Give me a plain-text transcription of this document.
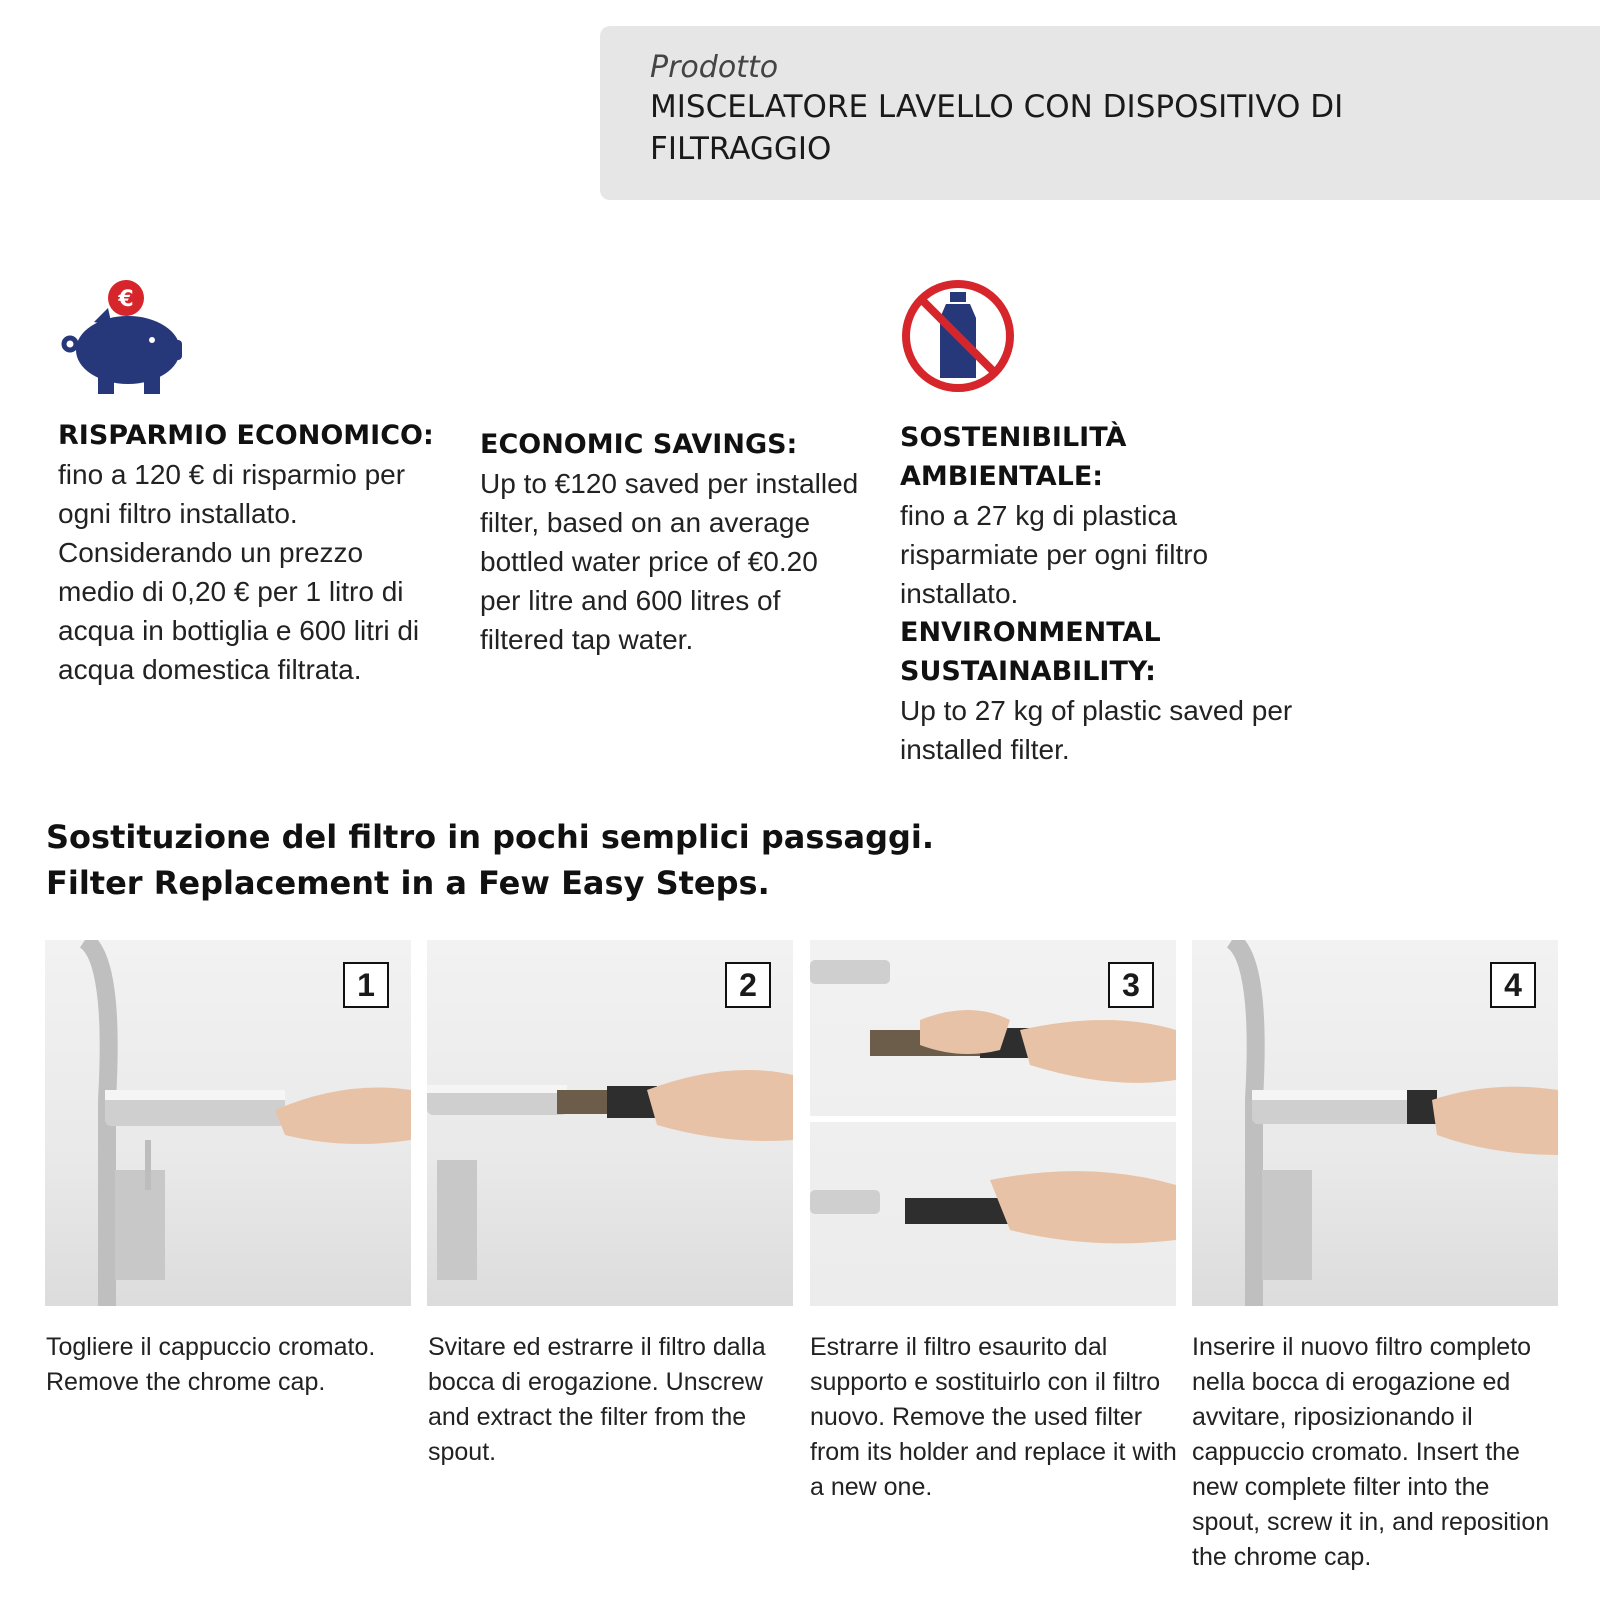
Prodotto
MISCELATORE LAVELLO CON DISPOSITIVO DI FILTRAGGIO
€
RISPARMIO ECONOMICO:

fino a 120 € di risparmio per ogni filtro installato. Considerando un prezzo medio di 0,20 € per 1 litro di acqua in bottiglia e 600 litri di acqua domestica filtrata.

ECONOMIC SAVINGS:

Up to €120 saved per installed filter, based on an average bottled water price of €0.20 per litre and 600 litres of filtered tap water.

SOSTENIBILITÀ AMBIENTALE:

fino a 27 kg di plastica risparmiate per ogni filtro installato.

ENVIRONMENTAL SUSTAINABILITY:

Up to 27 kg of plastic saved per installed filter.

Sostituzione del filtro in pochi semplici passaggi.
Filter Replacement in a Few Easy Steps.
1	2	3	4
Togliere il cappuccio cromato. Remove the chrome cap.
Svitare ed estrarre il filtro dalla bocca di erogazione. Unscrew and extract the filter from the spout.
Estrarre il filtro esaurito dal supporto e sostituirlo con il filtro nuovo. Remove the used filter from its holder and replace it with a new one.
Inserire il nuovo filtro completo nella bocca di erogazione ed avvitare, riposizionando il cappuccio cromato. Insert the new complete filter into the spout, screw it in, and reposition the chrome cap.
